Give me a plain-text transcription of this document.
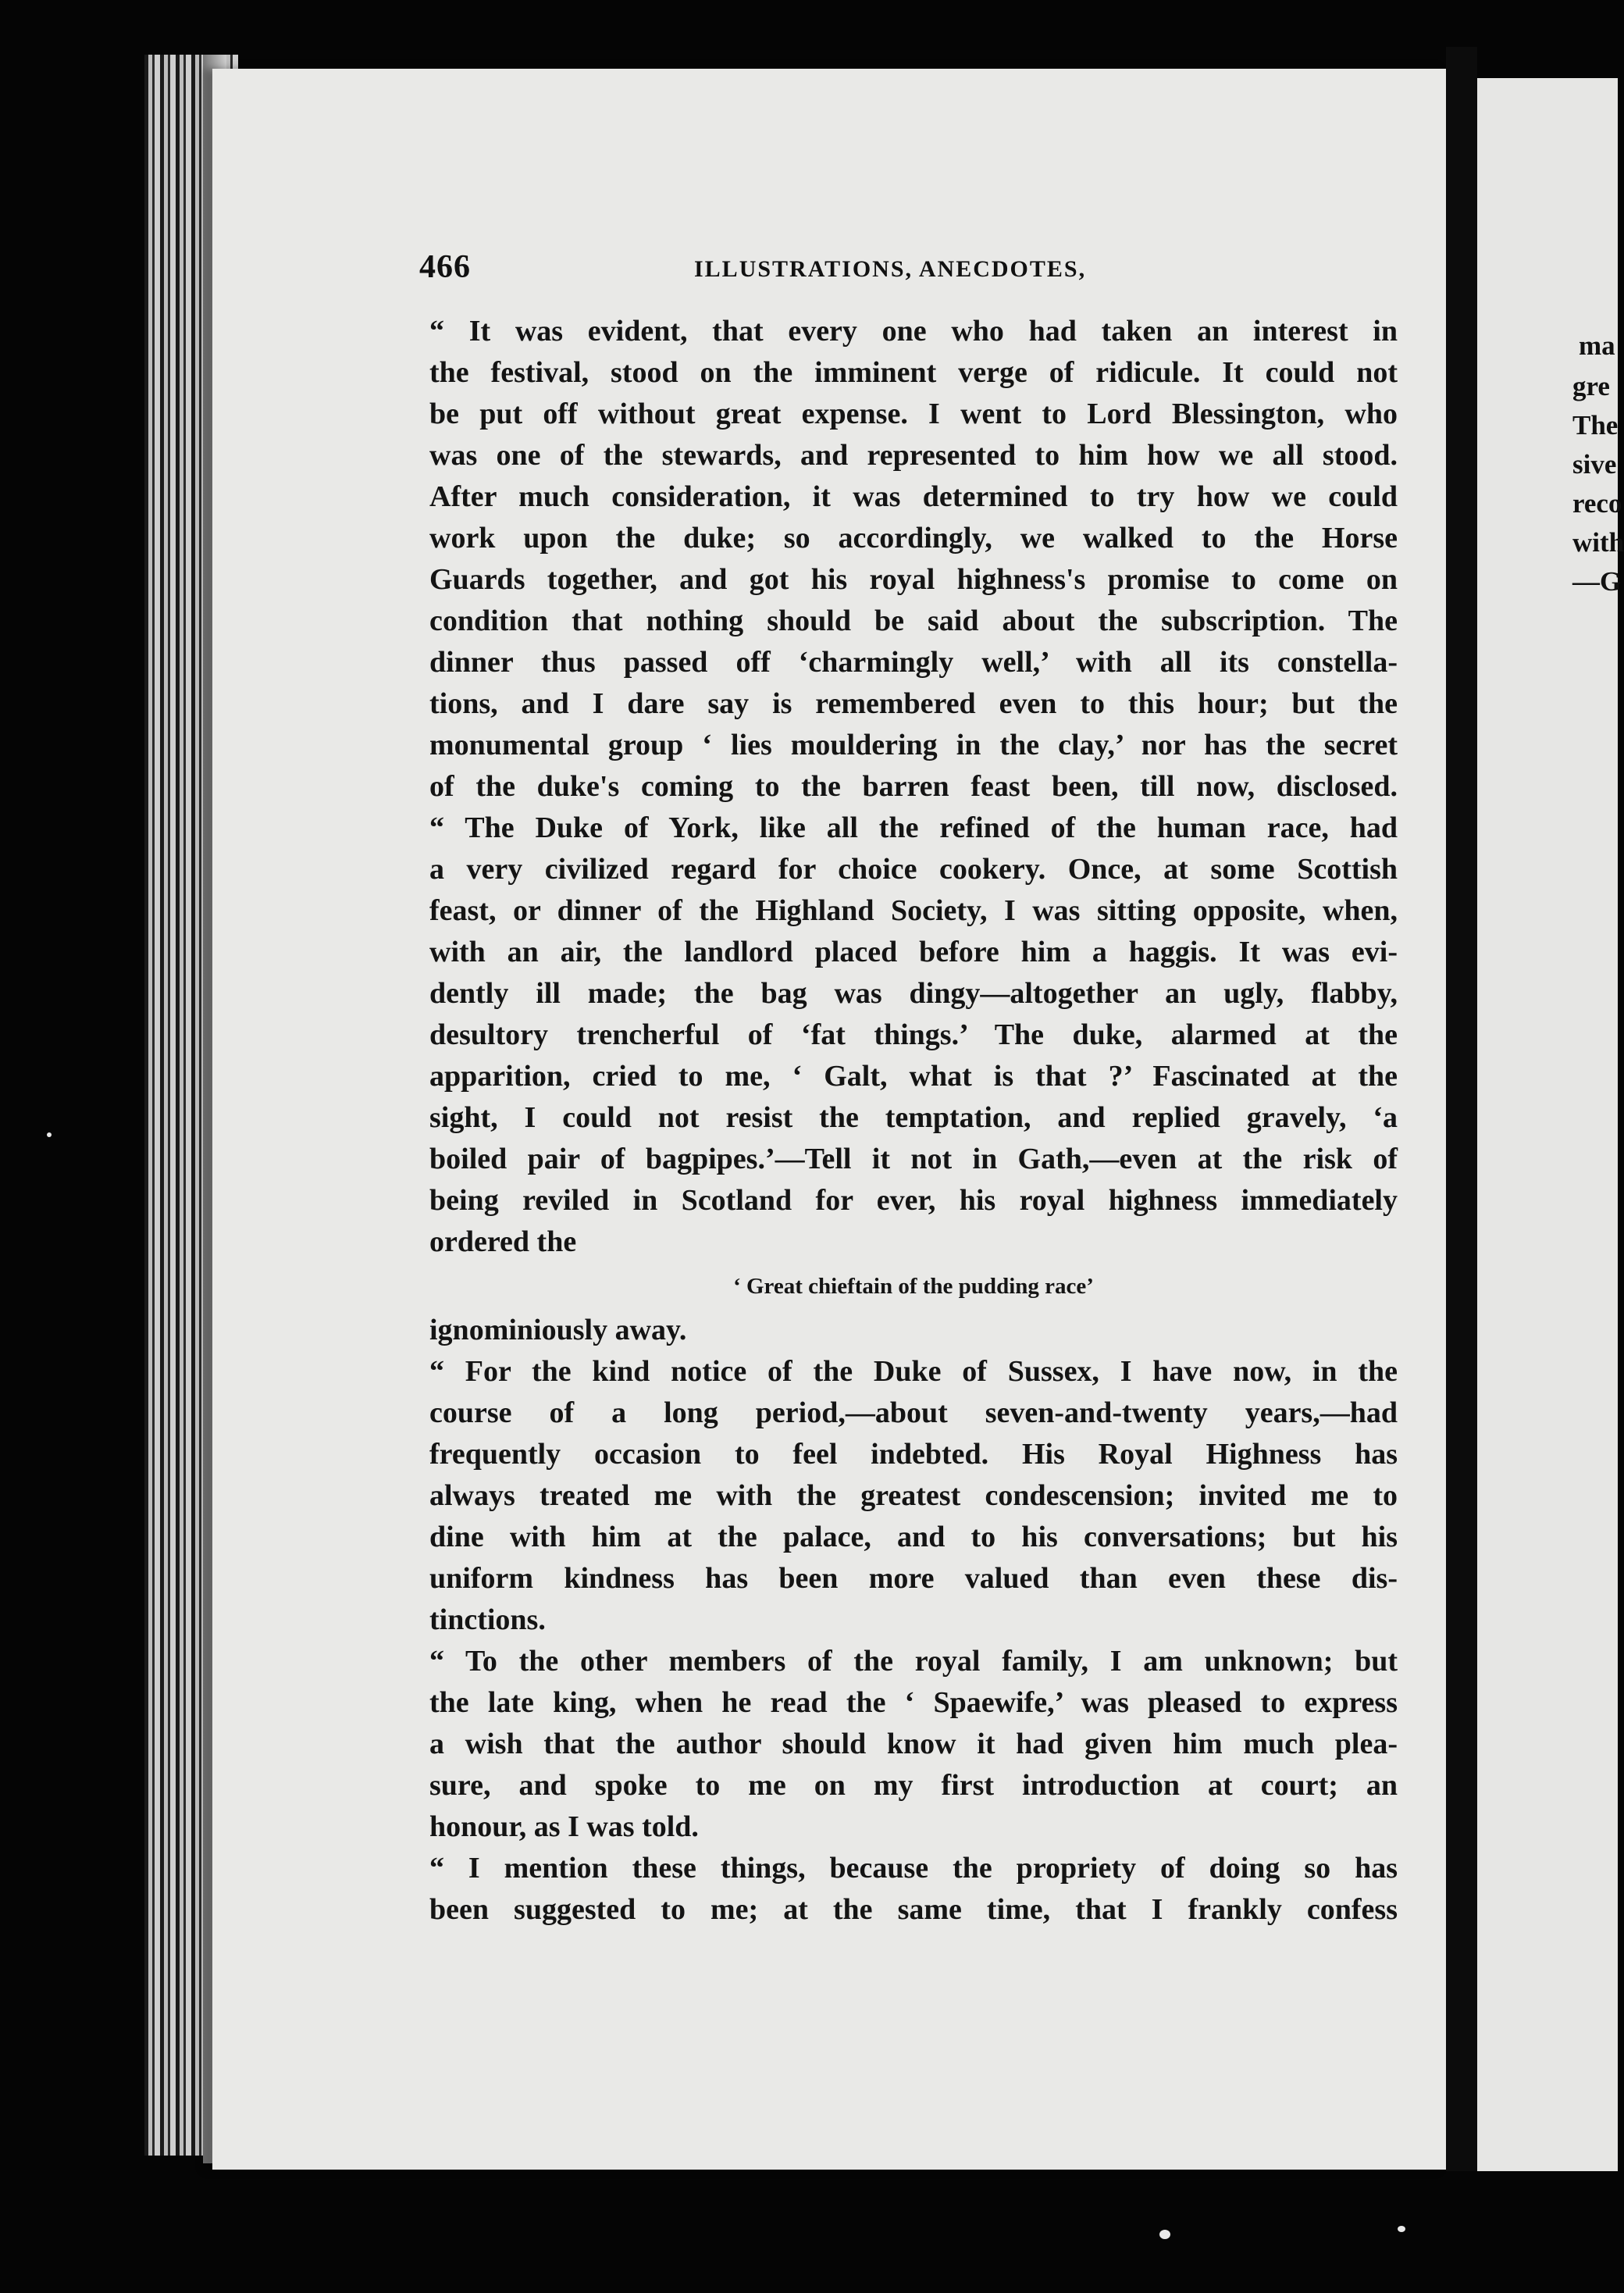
ma
gre
The
sive
reco
with
—G
466	ILLUSTRATIONS, ANECDOTES,
“ It was evident, that every one who had taken an interest in
the festival, stood on the imminent verge of ridicule. It could not
be put off without great expense. I went to Lord Blessington, who
was one of the stewards, and represented to him how we all stood.
After much consideration, it was determined to try how we could
work upon the duke; so accordingly, we walked to the Horse
Guards together, and got his royal highness's promise to come on
condition that nothing should be said about the subscription. The
dinner thus passed off ‘charmingly well,’ with all its constella-
tions, and I dare say is remembered even to this hour; but the
monumental group ‘ lies mouldering in the clay,’ nor has the secret
of the duke's coming to the barren feast been, till now, disclosed.
“ The Duke of York, like all the refined of the human race, had
a very civilized regard for choice cookery. Once, at some Scottish
feast, or dinner of the Highland Society, I was sitting opposite, when,
with an air, the landlord placed before him a haggis. It was evi-
dently ill made; the bag was dingy—altogether an ugly, flabby,
desultory trencherful of ‘fat things.’ The duke, alarmed at the
apparition, cried to me, ‘ Galt, what is that ?’ Fascinated at the
sight, I could not resist the temptation, and replied gravely, ‘a
boiled pair of bagpipes.’—Tell it not in Gath,—even at the risk of
being reviled in Scotland for ever, his royal highness immediately
ordered the
‘ Great chieftain of the pudding race’
ignominiously away.
“ For the kind notice of the Duke of Sussex, I have now, in the
course of a long period,—about seven-and-twenty years,—had
frequently occasion to feel indebted. His Royal Highness has
always treated me with the greatest condescension; invited me to
dine with him at the palace, and to his conversations; but his
uniform kindness has been more valued than even these dis-
tinctions.
“ To the other members of the royal family, I am unknown; but
the late king, when he read the ‘ Spaewife,’ was pleased to express
a wish that the author should know it had given him much plea-
sure, and spoke to me on my first introduction at court; an
honour, as I was told.
“ I mention these things, because the propriety of doing so has
been suggested to me; at the same time, that I frankly confess
